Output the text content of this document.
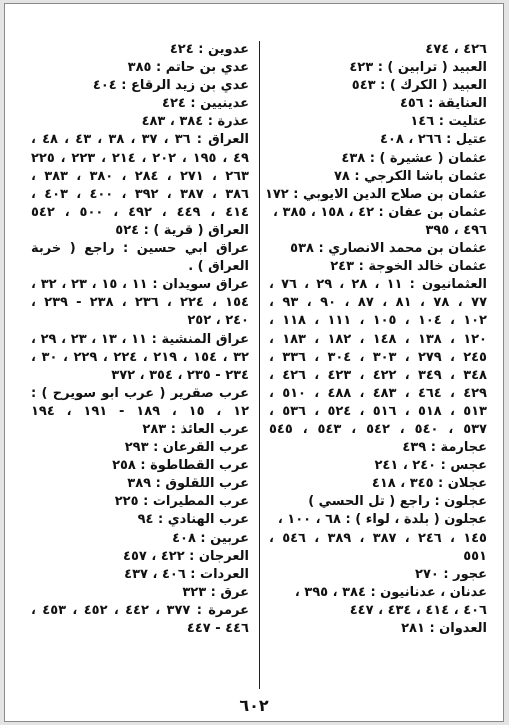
٤٢٦ ، ٤٧٤
العبيد ( ترابين ) : ٤٢٣
العبيد ( الكرك ) : ٥٤٣
العنايقة : ٤٥٦
عتليت : ١٤٦
عتيل : ٢٦٦ ، ٤٠٨
عثمان ( عشيرة ) : ٤٣٨
عثمان باشا الكرجي : ٧٨
عثمان بن صلاح الدين الايوبي : ١٧٢
عثمان بن عفان : ٤٢ ، ١٥٨ ، ٣٨٥ ،
٤٩٦ ، ٣٩٥
عثمان بن محمد الانصاري : ٥٣٨
عثمان خالد الخوجة : ٢٤٣
العثمانيون : ١١ ، ٢٨ ، ٢٩ ، ٧٦ ،
٧٧ ، ٧٨ ، ٨١ ، ٨٧ ، ٩٠ ، ٩٣ ،
١٠٢ ، ١٠٤ ، ١٠٥ ، ١١١ ، ١١٨ ،
١٢٠ ، ١٣٨ ، ١٤٨ ، ١٨٢ ، ١٨٣ ،
٢٤٥ ، ٢٧٩ ، ٣٠٣ ، ٣٠٤ ، ٣٣٦ ،
٣٤٨ ، ٣٤٩ ، ٤٢٢ ، ٤٢٣ ، ٤٢٦ ،
٤٢٩ ، ٤٦٤ ، ٤٨٣ ، ٤٨٨ ، ٥١٠ ،
٥١٣ ، ٥١٨ ، ٥١٦ ، ٥٢٤ ، ٥٣٦ ،
٥٣٧ ، ٥٤٠ ، ٥٤٢ ، ٥٤٣ ، ٥٤٥
عجارمة : ٤٣٩
عجس : ٢٤٠ ، ٢٤١
عجلان : ٣٤٥ ، ٤١٨
عجلون : راجع ( تل الحسي )
عجلون ( بلدة ، لواء ) : ٦٨ ، ١٠٠ ،
١٤٥ ، ٢٤٦ ، ٣٨٧ ، ٣٨٩ ، ٥٤٦ ،
٥٥١
عجور : ٢٧٠
عدنان ، عدنانيون : ٣٨٤ ، ٣٩٥ ،
٤٠٦ ، ٤١٤ ، ٤٣٤ ، ٤٤٧
العدوان : ٢٨١
عدوين : ٤٢٤
عدي بن حاتم : ٣٨٥
عدي بن زيد الرقاع : ٤٠٤
عدينيين : ٤٢٤
عذرة : ٣٨٤ ، ٤٨٣
العراق : ٣٦ ، ٣٧ ، ٣٨ ، ٤٣ ، ٤٨ ،
٤٩ ، ١٩٥ ، ٢٠٢ ، ٢١٤ ، ٢٢٣ ، ٢٢٥
٢٦٣ ، ٢٧١ ، ٢٨٤ ، ٣٨٠ ، ٣٨٣ ،
٣٨٦ ، ٣٨٧ ، ٣٩٢ ، ٤٠٠ ، ٤٠٣ ،
٤١٤ ، ٤٤٩ ، ٤٩٢ ، ٥٠٠ ، ٥٤٢
العراق ( قرية ) : ٥٢٤
عراق ابي حسين : راجع ( خربة
العراق ) .
عراق سويدان : ١١ ، ١٥ ، ٢٣ ، ٣٢ ،
١٥٤ ، ٢٢٤ ، ٢٣٦ ، ٢٣٨ - ٢٣٩ ،
٢٤٠ ، ٢٥٢
عراق المنشية : ١١ ، ١٣ ، ٢٣ ، ٢٩ ،
٣٢ ، ١٥٤ ، ٢١٩ ، ٢٢٤ ، ٢٢٩ ، ٣٠ ،
٢٣٤ - ٢٣٥ ، ٣٥٤ ، ٣٧٢
عرب صقرير ( عرب ابو سويرح ) :
١٢ ، ١٥ ، ١٨٩ - ١٩١ ، ١٩٤
عرب العائذ : ٢٨٣
عرب القرعان : ٢٩٣
عرب القطاطوة : ٢٥٨
عرب اللقلوق : ٣٨٩
عرب المطيرات : ٢٢٥
عرب الهنادي : ٩٤
عربين : ٤٠٨
العرجان : ٤٢٢ ، ٤٥٧
العردات : ٤٠٦ ، ٤٣٧
عرق : ٣٢٣
عرمرة : ٣٧٧ ، ٤٤٢ ، ٤٥٢ ، ٤٥٣ ،
٤٤٦ - ٤٤٧
٦٠٢
